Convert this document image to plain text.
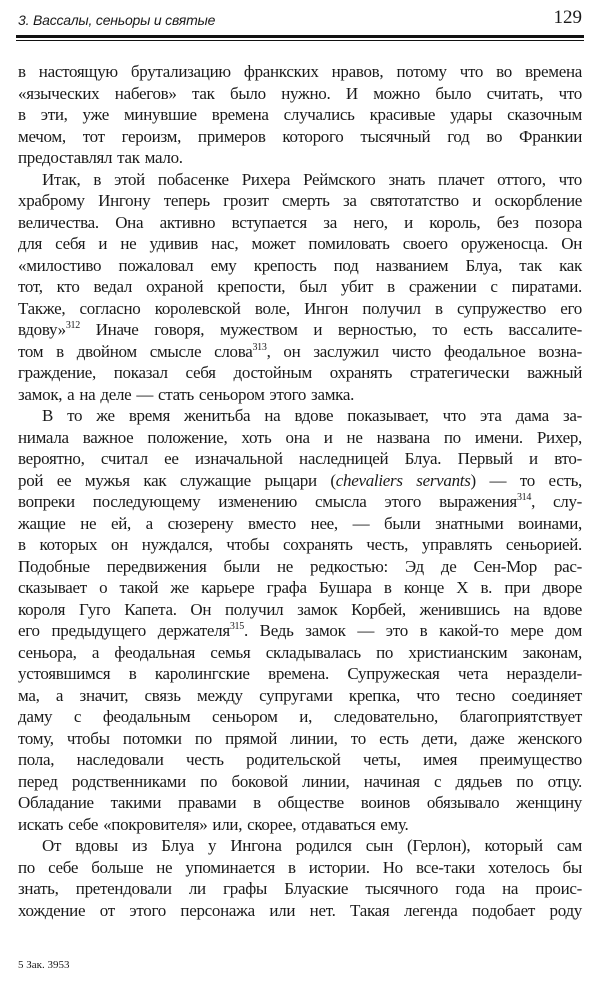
3. Вассалы, сеньоры и святые	129
в настоящую брутализацию франкских нравов, потому что во времена
«языческих набегов» так было нужно. И можно было считать, что
в эти, уже минувшие времена случались красивые удары сказочным
мечом, тот героизм, примеров которого тысячный год во Франкии
предоставлял так мало.
Итак, в этой побасенке Рихера Реймского знать плачет оттого, что
храброму Ингону теперь грозит смерть за святотатство и оскорбление
величества. Она активно вступается за него, и король, без позора
для себя и не удивив нас, может помиловать своего оруженосца. Он
«милостиво пожаловал ему крепость под названием Блуа, так как
тот, кто ведал охраной крепости, был убит в сражении с пиратами.
Также, согласно королевской воле, Ингон получил в супружество его
вдову»$^{312}$ Иначе говоря, мужеством и верностью, то есть вассалите-
том в двойном смысле слова$^{313}$, он заслужил чисто феодальное возна-
граждение, показал себя достойным охранять стратегически важный
замок, а на деле — стать сеньором этого замка.
В то же время женитьба на вдове показывает, что эта дама за-
нимала важное положение, хоть она и не названа по имени. Рихер,
вероятно, считал ее изначальной наследницей Блуа. Первый и вто-
рой ее мужья как служащие рыцари (chevaliers servants) — то есть,
вопреки последующему изменению смысла этого выражения$^{314}$, слу-
жащие не ей, а сюзерену вместо нее, — были знатными воинами,
в которых он нуждался, чтобы сохранять честь, управлять сеньорией.
Подобные передвижения были не редкостью: Эд де Сен-Мор рас-
сказывает о такой же карьере графа Бушара в конце X в. при дворе
короля Гуго Капета. Он получил замок Корбей, женившись на вдове
его предыдущего держателя$^{315}$. Ведь замок — это в какой-то мере дом
сеньора, а феодальная семья складывалась по христианским законам,
устоявшимся в каролингские времена. Супружеская чета нераздели-
ма, а значит, связь между супругами крепка, что тесно соединяет
даму с феодальным сеньором и, следовательно, благоприятствует
тому, чтобы потомки по прямой линии, то есть дети, даже женского
пола, наследовали честь родительской четы, имея преимущество
перед родственниками по боковой линии, начиная с дядьев по отцу.
Обладание такими правами в обществе воинов обязывало женщину
искать себе «покровителя» или, скорее, отдаваться ему.
От вдовы из Блуа у Ингона родился сын (Герлон), который сам
по себе больше не упоминается в истории. Но все-таки хотелось бы
знать, претендовали ли графы Блуаские тысячного года на проис-
хождение от этого персонажа или нет. Такая легенда подобает роду
5 Зак. 3953
